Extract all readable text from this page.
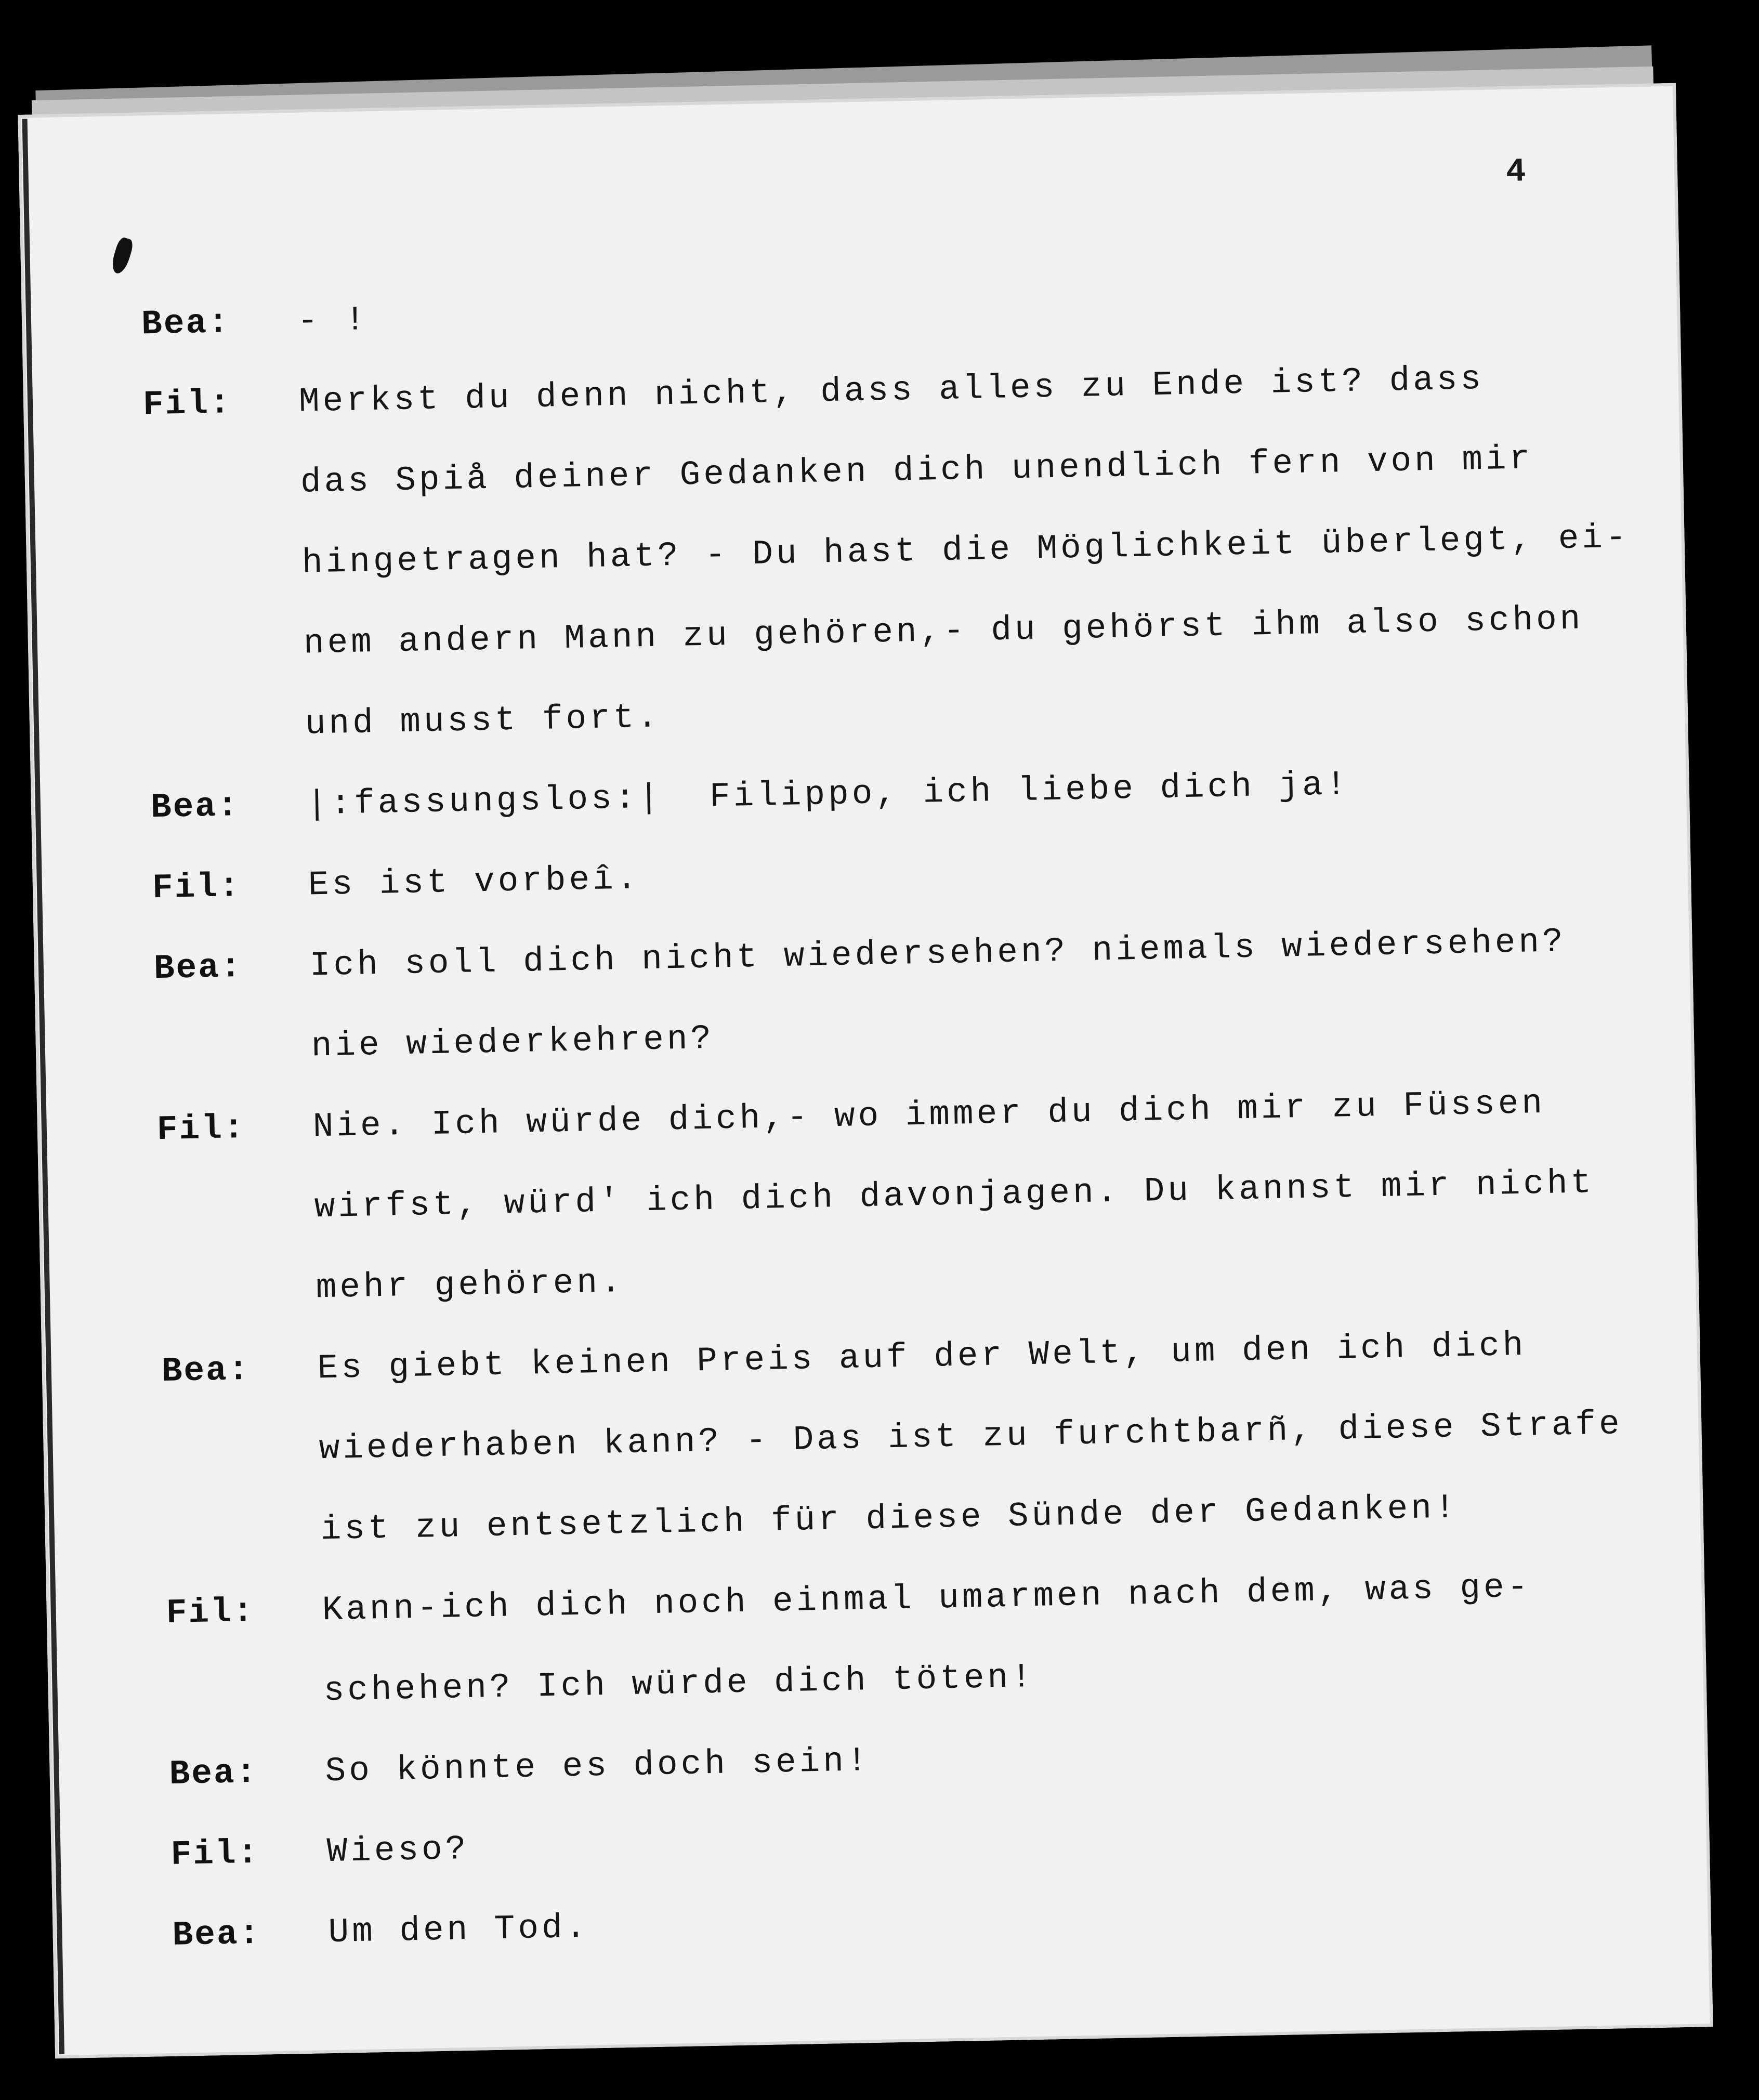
4
Bea:	- !
Fil:	Merkst du denn nicht, dass alles zu Ende ist? dass
das Spiå deiner Gedanken dich unendlich fern von mir
hingetragen hat? - Du hast die Möglichkeit überlegt, ei-
nem andern Mann zu gehören,- du gehörst ihm also schon
und musst fort.
Bea:	|:fassungslos:|  Filippo, ich liebe dich ja!
Fil:	Es ist vorbeî.
Bea:	Ich soll dich nicht wiedersehen? niemals wiedersehen?
nie wiederkehren?
Fil:	Nie. Ich würde dich,- wo immer du dich mir zu Füssen
wirfst, würd' ich dich davonjagen. Du kannst mir nicht
mehr gehören.
Bea:	Es giebt keinen Preis auf der Welt, um den ich dich
wiederhaben kann? - Das ist zu furchtbarñ, diese Strafe
ist zu entsetzlich für diese Sünde der Gedanken!
Fil:	Kann-ich dich noch einmal umarmen nach dem, was ge-
schehen? Ich würde dich töten!
Bea:	So könnte es doch sein!
Fil:	Wieso?
Bea:	Um den Tod.
